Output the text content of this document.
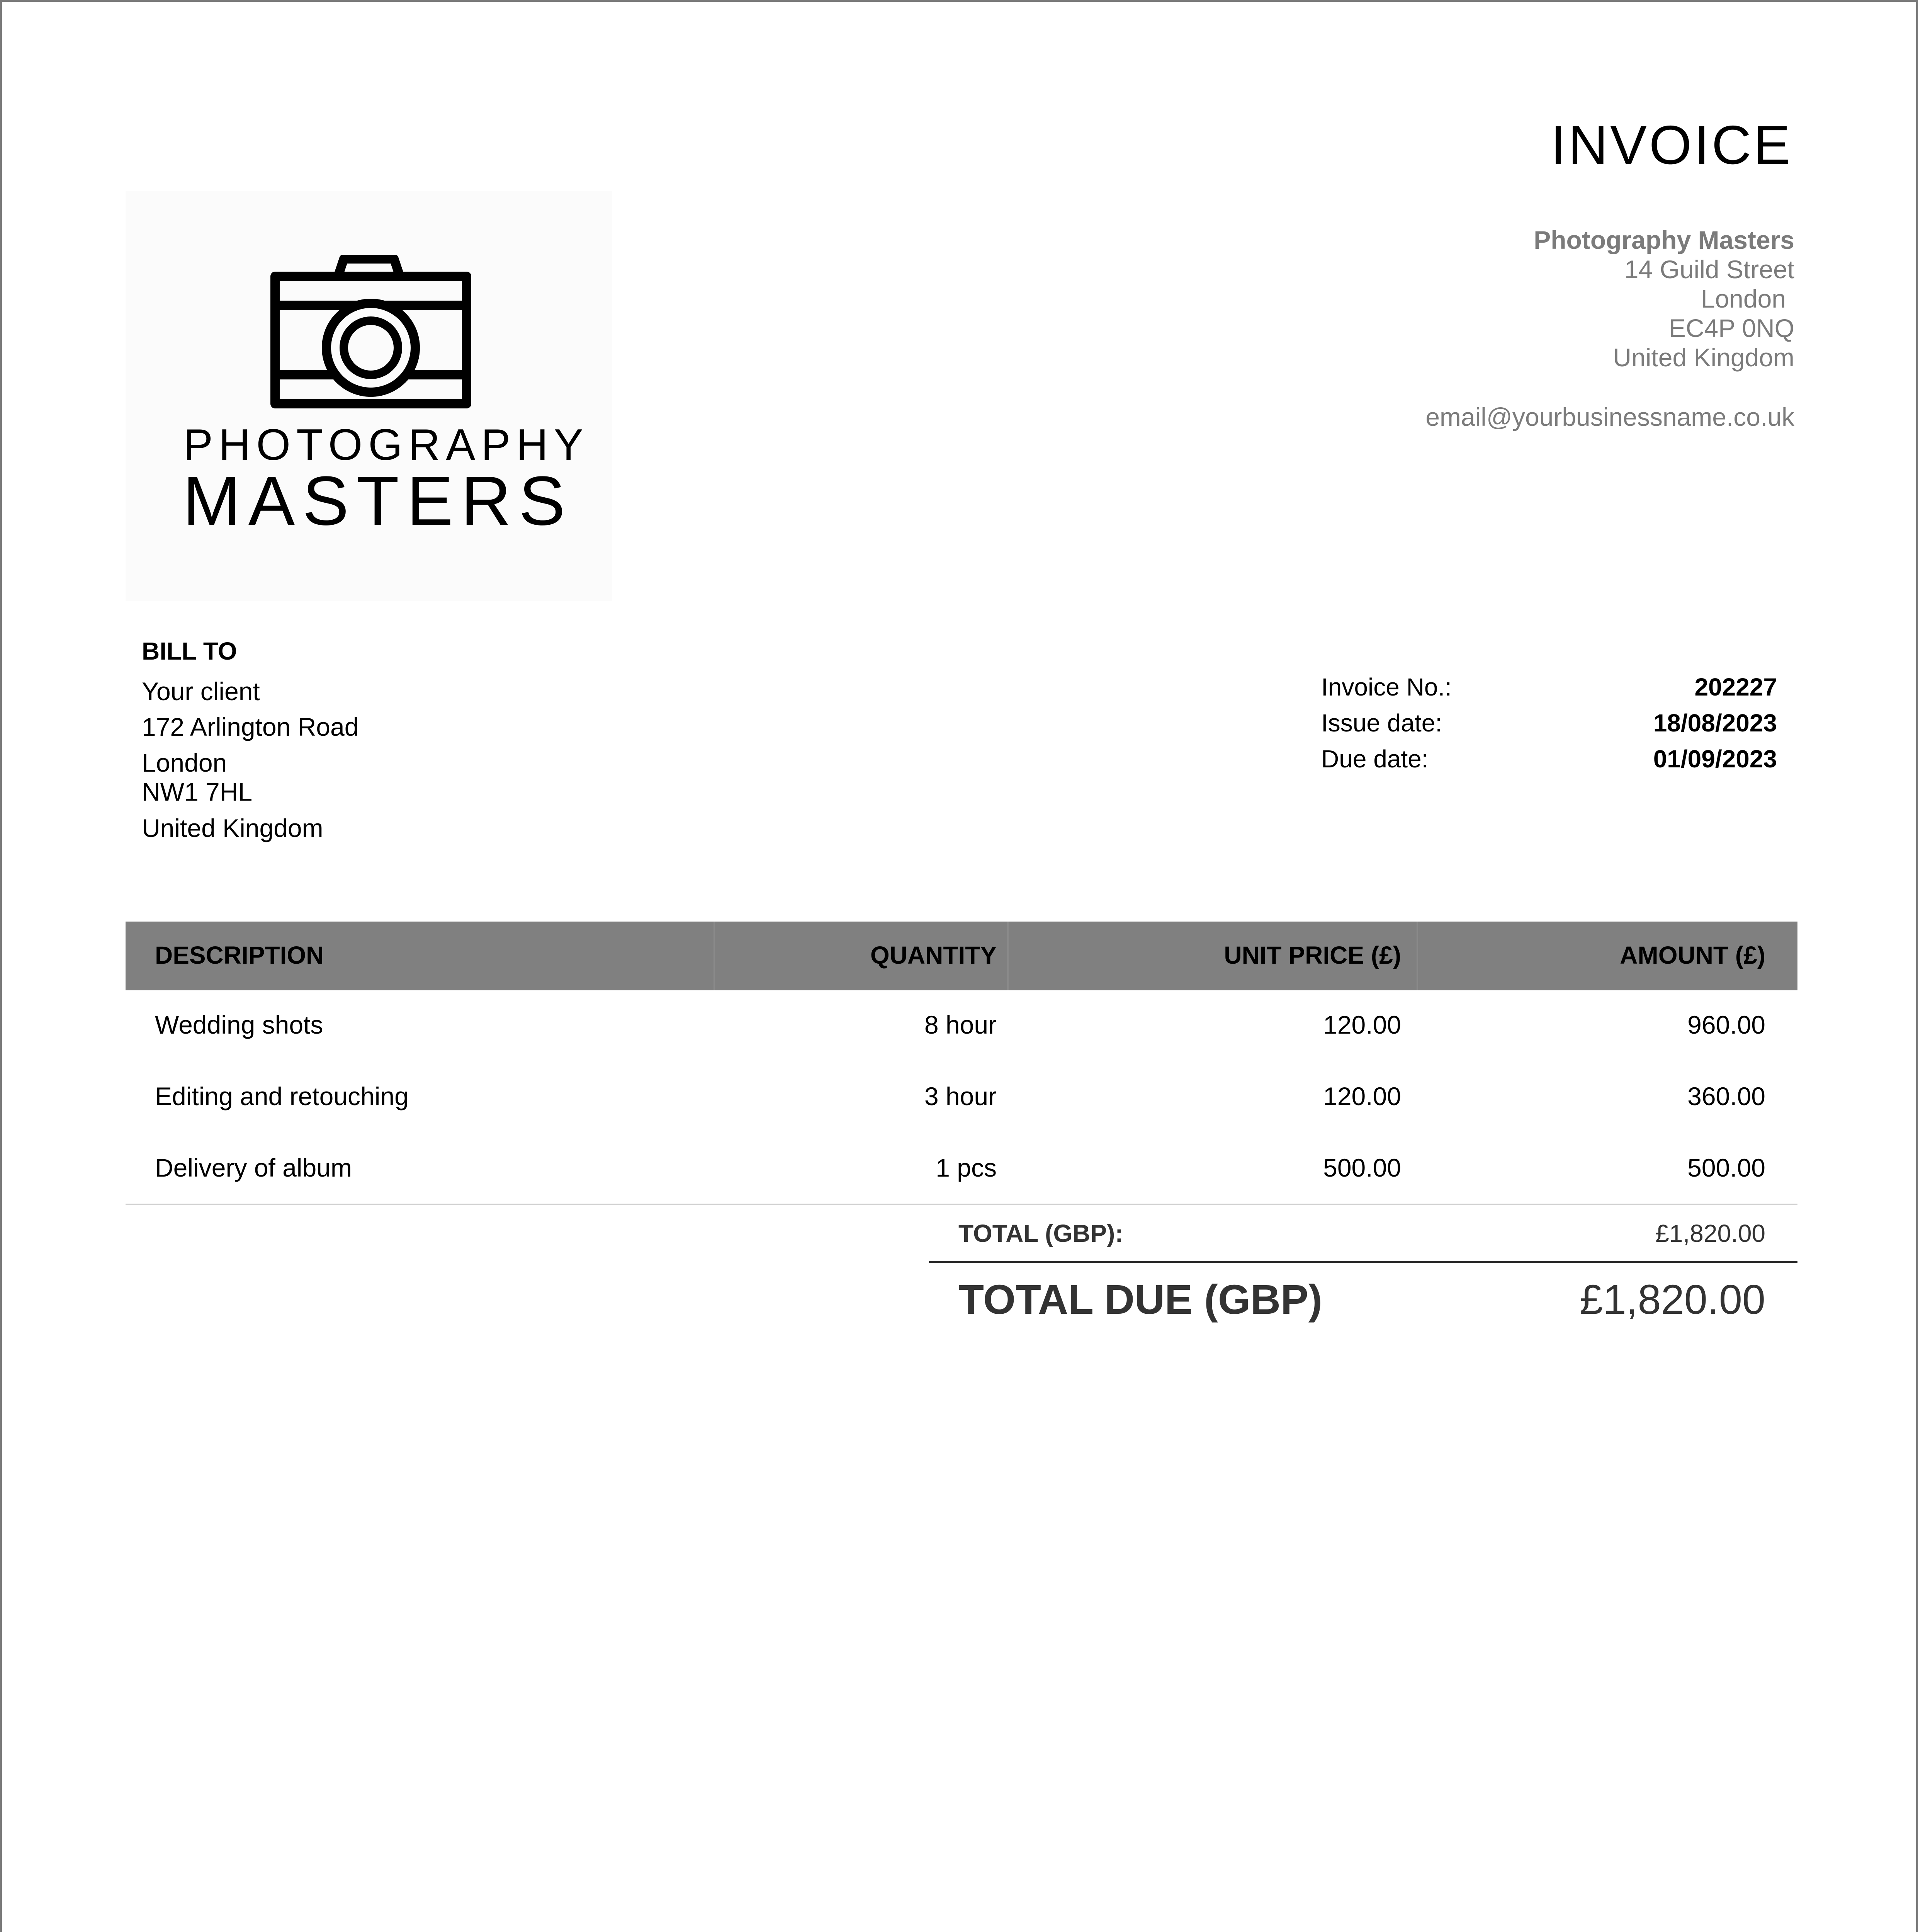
INVOICE
PHOTOGRAPHY
MASTERS
Photography Masters
14 Guild Street
London
EC4P 0NQ
United Kingdom
email@yourbusinessname.co.uk
BILL TO
Your client
172 Arlington Road
London
NW1 7HL
United Kingdom
Invoice No.:	202227
Issue date:	18/08/2023
Due date:	01/09/2023
DESCRIPTION	QUANTITY	UNIT PRICE (£)	AMOUNT (£)
Wedding shots	8 hour	120.00	960.00
Editing and retouching	3 hour	120.00	360.00
Delivery of album	1 pcs	500.00	500.00
TOTAL (GBP):	£1,820.00
TOTAL DUE (GBP)	£1,820.00
